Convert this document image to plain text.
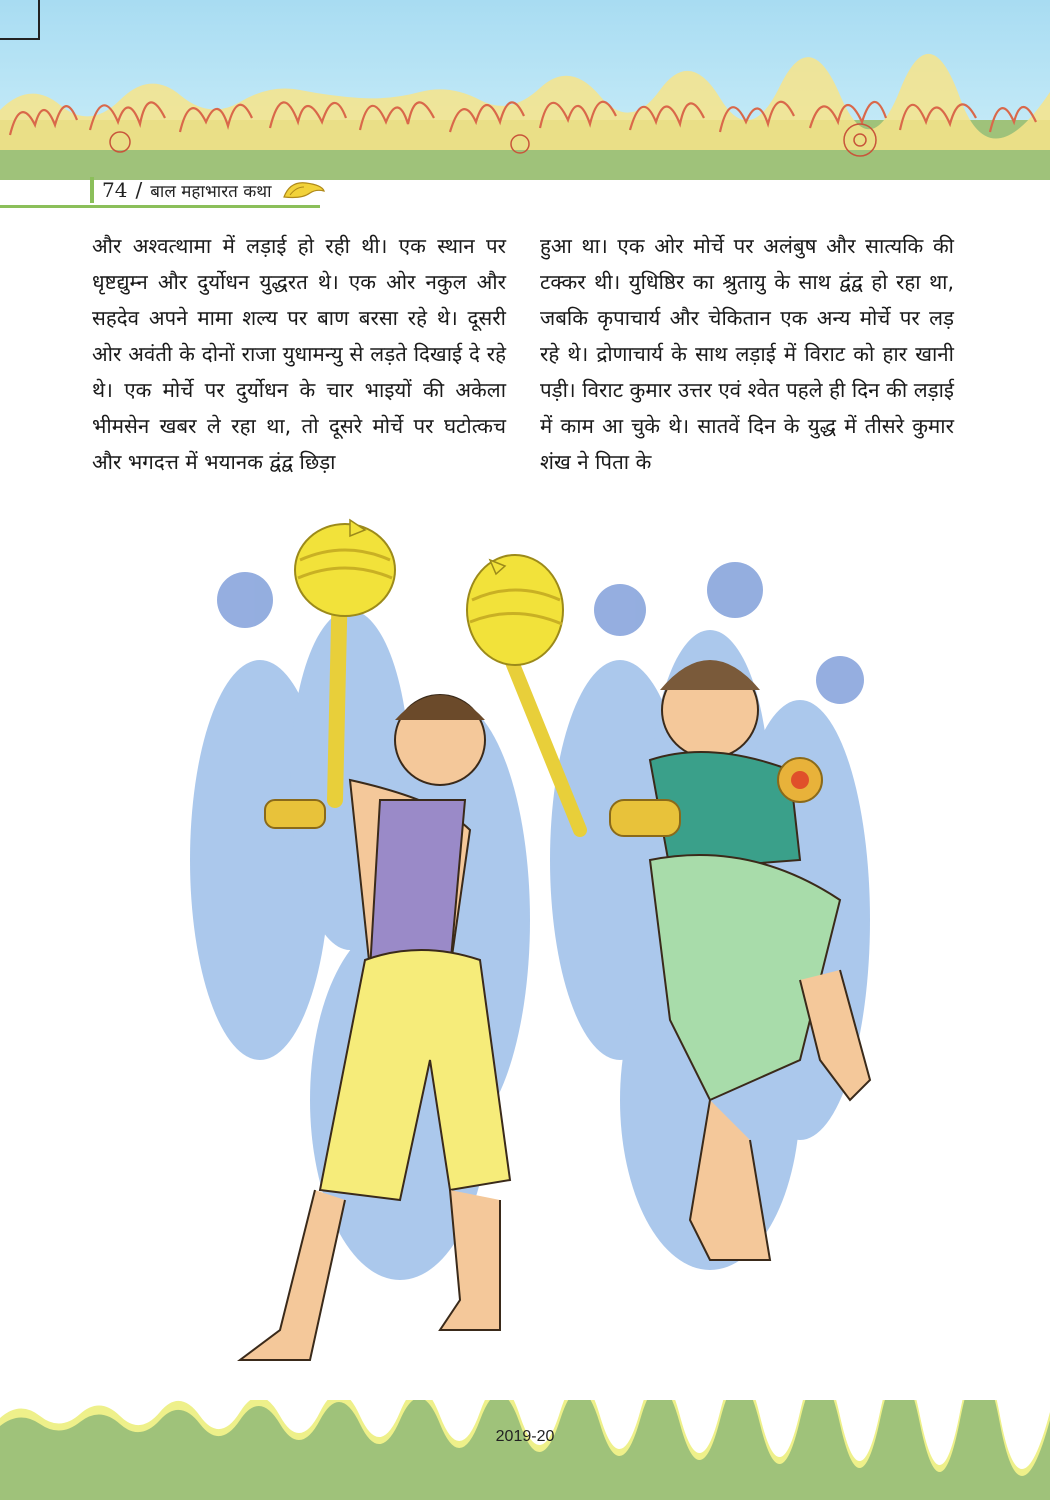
74 / बाल महाभारत कथा

और अश्वत्थामा में लड़ाई हो रही थी। एक स्थान पर धृष्टद्युम्न और दुर्योधन युद्धरत थे। एक ओर नकुल और सहदेव अपने मामा शल्य पर बाण बरसा रहे थे। दूसरी ओर अवंती के दोनों राजा युधामन्यु से लड़ते दिखाई दे रहे थे। एक मोर्चे पर दुर्योधन के चार भाइयों की अकेला भीमसेन खबर ले रहा था, तो दूसरे मोर्चे पर घटोत्कच और भगदत्त में भयानक द्वंद्व छिड़ा

हुआ था। एक ओर मोर्चे पर अलंबुष और सात्यकि की टक्कर थी। युधिष्ठिर का श्रुतायु के साथ द्वंद्व हो रहा था, जबकि कृपाचार्य और चेकितान एक अन्य मोर्चे पर लड़ रहे थे। द्रोणाचार्य के साथ लड़ाई में विराट को हार खानी पड़ी। विराट कुमार उत्तर एवं श्वेत पहले ही दिन की लड़ाई में काम आ चुके थे। सातवें दिन के युद्ध में तीसरे कुमार शंख ने पिता के

2019-20
